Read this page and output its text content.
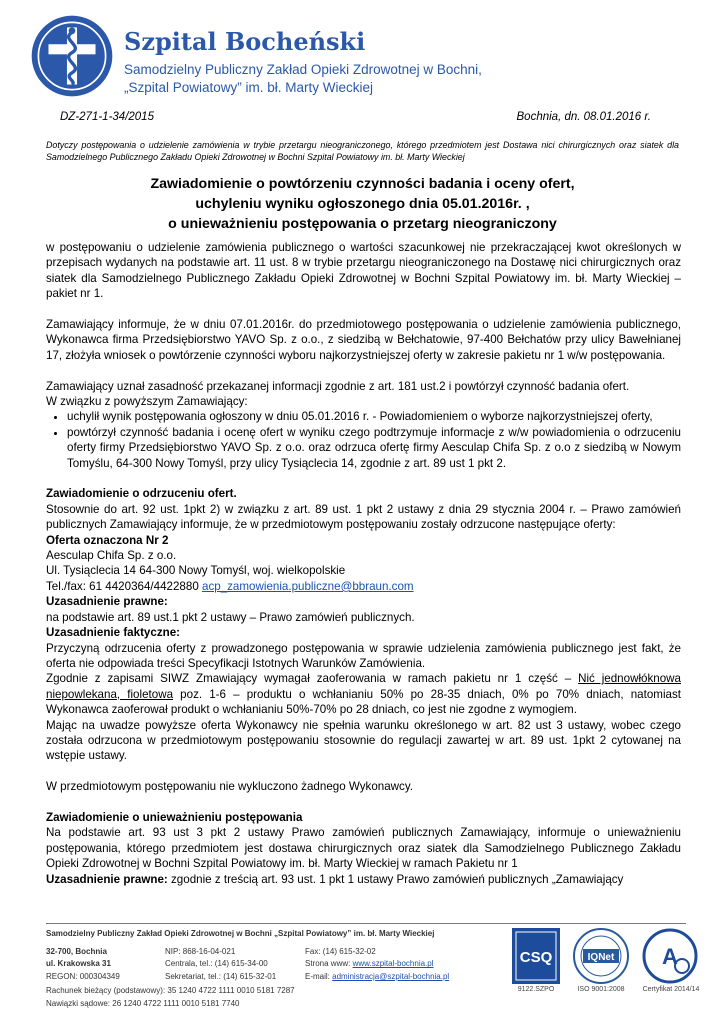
Szpital Bocheński
Samodzielny Publiczny Zakład Opieki Zdrowotnej w Bochni,
„Szpital Powiatowy” im. bł. Marty Wieckiej
DZ-271-1-34/2015	Bochnia, dn. 08.01.2016 r.
Dotyczy postępowania o udzielenie zamówienia w trybie przetargu nieograniczonego, którego przedmiotem jest Dostawa nici chirurgicznych oraz siatek dla Samodzielnego Publicznego Zakładu Opieki Zdrowotnej w Bochni Szpital Powiatowy im. bł. Marty Wieckiej
Zawiadomienie o powtórzeniu czynności badania i oceny ofert,
uchyleniu wyniku ogłoszonego dnia 05.01.2016r. ,
o unieważnieniu postępowania o przetarg nieograniczony

w postępowaniu o udzielenie zamówienia publicznego o wartości szacunkowej nie przekraczającej kwot określonych w przepisach wydanych na podstawie art. 11 ust. 8 w trybie przetargu nieograniczonego na Dostawę nici chirurgicznych oraz siatek dla Samodzielnego Publicznego Zakładu Opieki Zdrowotnej w Bochni Szpital Powiatowy im. bł. Marty Wieckiej – pakiet nr 1.

Zamawiający informuje, że w dniu 07.01.2016r. do przedmiotowego postępowania o udzielenie zamówienia publicznego, Wykonawca firma Przedsiębiorstwo YAVO Sp. z o.o., z siedzibą w Bełchatowie, 97-400 Bełchatów przy ulicy Bawełnianej 17, złożyła wniosek o powtórzenie czynności wyboru najkorzystniejszej oferty w zakresie pakietu nr 1 w/w postępowania.

Zamawiający uznał zasadność przekazanej informacji zgodnie z art. 181 ust.2 i powtórzył czynność badania ofert.

W związku z powyższym Zamawiający:

• uchylił wynik postępowania ogłoszony w dniu 05.01.2016 r. - Powiadomieniem o wyborze najkorzystniejszej oferty,
• powtórzył czynność badania i ocenę ofert w wyniku czego podtrzymuje informacje z w/w powiadomienia o odrzuceniu oferty firmy Przedsiębiorstwo YAVO Sp. z o.o. oraz odrzuca ofertę firmy Aesculap Chifa Sp. z o.o z siedzibą w Nowym Tomyślu, 64-300 Nowy Tomyśl, przy ulicy Tysiąclecia 14, zgodnie z art. 89 ust 1 pkt 2.

Zawiadomienie o odrzuceniu ofert.

Stosownie do art. 92 ust. 1pkt 2) w związku z art. 89 ust. 1 pkt 2 ustawy z dnia 29 stycznia 2004 r. – Prawo zamówień publicznych Zamawiający informuje, że w przedmiotowym postępowaniu zostały odrzucone następujące oferty:

Oferta oznaczona Nr 2

Aesculap Chifa Sp. z o.o.

Ul. Tysiąclecia 14 64-300 Nowy Tomyśl, woj. wielkopolskie

Tel./fax: 61 4420364/4422880 acp_zamowienia.publiczne@bbraun.com

Uzasadnienie prawne:

na podstawie art. 89 ust.1 pkt 2 ustawy – Prawo zamówień publicznych.

Uzasadnienie faktyczne:

Przyczyną odrzucenia oferty z prowadzonego postępowania w sprawie udzielenia zamówienia publicznego jest fakt, że oferta nie odpowiada treści Specyfikacji Istotnych Warunków Zamówienia.

Zgodnie z zapisami SIWZ Zmawiający wymagał zaoferowania w ramach pakietu nr 1 część – Nić jednowłóknowa niepowlekana, fioletowa poz. 1-6 – produktu o wchłanianiu 50% po 28-35 dniach, 0% po 70% dniach, natomiast Wykonawca zaoferował produkt o wchłanianiu 50%-70% po 28 dniach, co jest nie zgodne z wymogiem.

Mając na uwadze powyższe oferta Wykonawcy nie spełnia warunku określonego w art. 82 ust 3 ustawy, wobec czego została odrzucona w przedmiotowym postępowaniu stosownie do regulacji zawartej w art. 89 ust. 1pkt 2 cytowanej na wstępie ustawy.

W przedmiotowym postępowaniu nie wykluczono żadnego Wykonawcy.

Zawiadomienie o unieważnieniu postępowania

Na podstawie art. 93 ust 3 pkt 2 ustawy Prawo zamówień publicznych Zamawiający, informuje o unieważnieniu postępowania, którego przedmiotem jest dostawa chirurgicznych oraz siatek dla Samodzielnego Publicznego Zakładu Opieki Zdrowotnej w Bochni Szpital Powiatowy im. bł. Marty Wieckiej w ramach Pakietu nr 1

Uzasadnienie prawne: zgodnie z treścią art. 93 ust. 1 pkt 1 ustawy Prawo zamówień publicznych „Zamawiający

Samodzielny Publiczny Zakład Opieki Zdrowotnej w Bochni „Szpital Powiatowy” im. bł. Marty Wieckiej
32-700, Bochnia
ul. Krakowska 31
REGON: 000304349
NIP: 868-16-04-021
Centrala, tel.: (14) 615-34-00
Sekretariat, tel.: (14) 615-32-01
Fax: (14) 615-32-02
Strona www: www.szpital-bochnia.pl
E-mail: administracja@szpital-bochnia.pl
Rachunek bieżący (podstawowy): 35 1240 4722 1111 0010 5181 7287
Nawiązki sądowe: 26 1240 4722 1111 0010 5181 7740
CSQ
9122.SZPO
IQNet
ISO 9001:2008
A
Certyfikat 2014/14
